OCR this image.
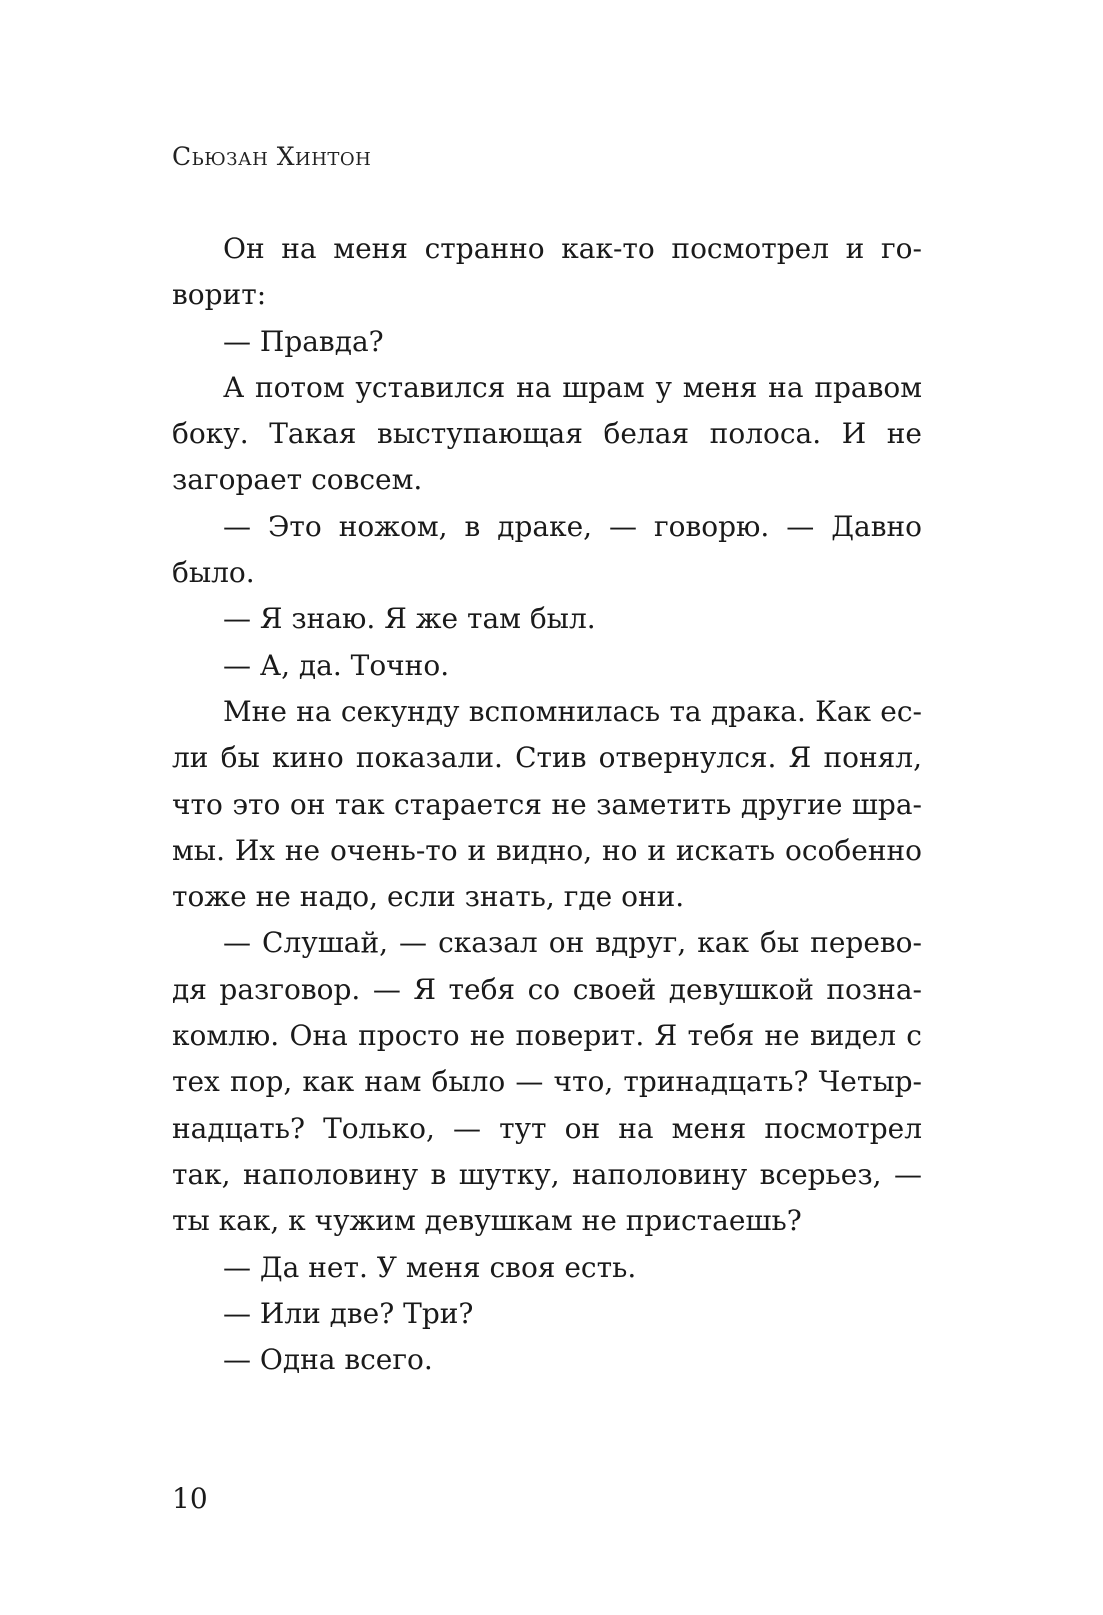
Сьюзан Хинтон

Он на меня странно как-то посмотрел и говорит:

— Правда?

А потом уставился на шрам у меня на правом боку. Такая выступающая белая полоса. И не загорает совсем.

— Это ножом, в драке, — говорю. — Давно было.

— Я знаю. Я же там был.

— А, да. Точно.

Мне на секунду вспомнилась та драка. Как если бы кино показали. Стив отвернулся. Я понял, что это он так старается не заметить другие шрамы. Их не очень-то и видно, но и искать особенно тоже не надо, если знать, где они.

— Слушай, — сказал он вдруг, как бы переводя разговор. — Я тебя со своей девушкой познакомлю. Она просто не поверит. Я тебя не видел с тех пор, как нам было — что, тринадцать? Четырнадцать? Только, — тут он на меня посмотрел так, наполовину в шутку, наполовину всерьез, — ты как, к чужим девушкам не пристаешь?

— Да нет. У меня своя есть.

— Или две? Три?

— Одна всего.

10
